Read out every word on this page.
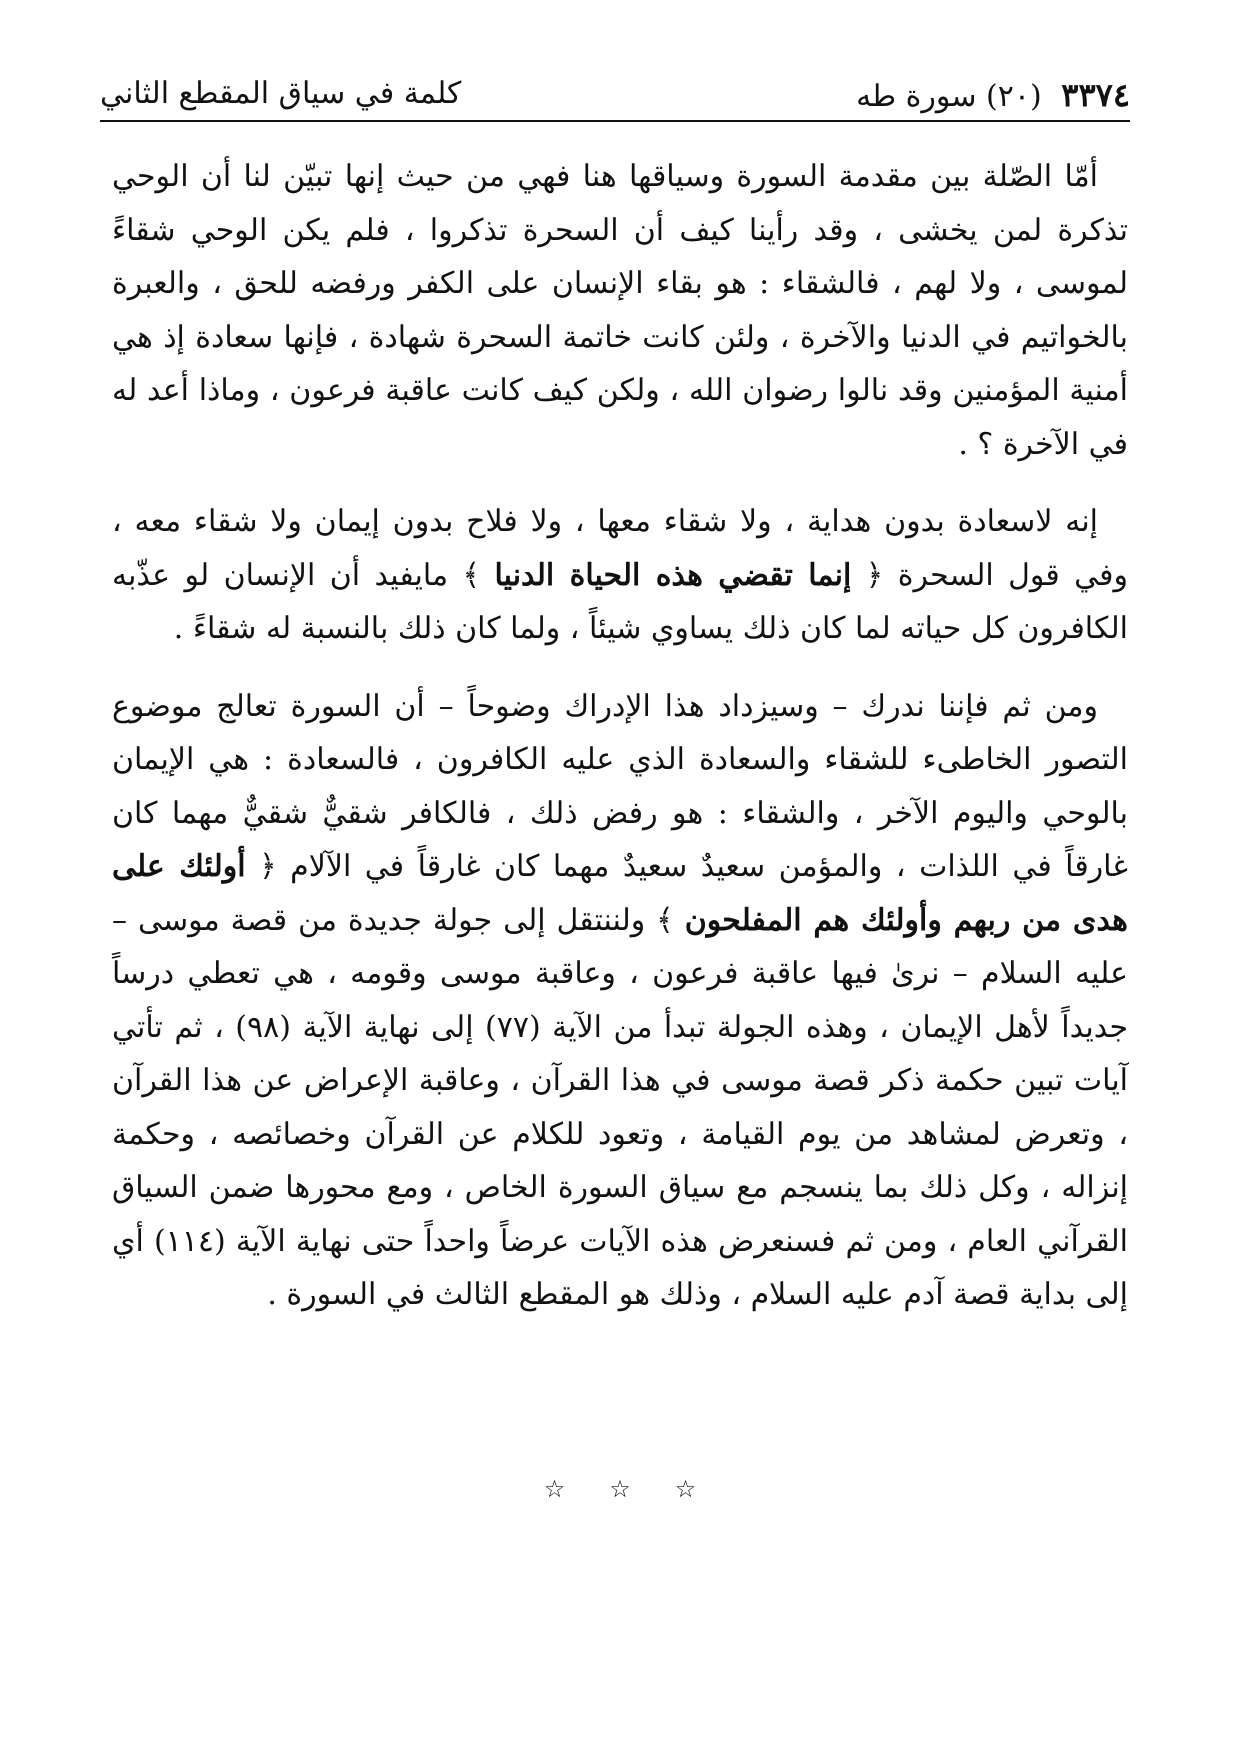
٣٣٧٤ (٢٠) سورة طه
كلمة في سياق المقطع الثاني

أمّا الصّلة بين مقدمة السورة وسياقها هنا فهي من حيث إنها تبيّن لنا أن الوحي تذكرة لمن يخشى ، وقد رأينا كيف أن السحرة تذكروا ، فلم يكن الوحي شقاءً لموسى ، ولا لهم ، فالشقاء : هو بقاء الإنسان على الكفر ورفضه للحق ، والعبرة بالخواتيم في الدنيا والآخرة ، ولئن كانت خاتمة السحرة شهادة ، فإنها سعادة إذ هي أمنية المؤمنين وقد نالوا رضوان الله ، ولكن كيف كانت عاقبة فرعون ، وماذا أعد له في الآخرة ؟ .

إنه لاسعادة بدون هداية ، ولا شقاء معها ، ولا فلاح بدون إيمان ولا شقاء معه ، وفي قول السحرة ﴿ إنما تقضي هذه الحياة الدنيا ﴾ مايفيد أن الإنسان لو عذّبه الكافرون كل حياته لما كان ذلك يساوي شيئاً ، ولما كان ذلك بالنسبة له شقاءً .

ومن ثم فإننا ندرك – وسيزداد هذا الإدراك وضوحاً – أن السورة تعالج موضوع التصور الخاطىء للشقاء والسعادة الذي عليه الكافرون ، فالسعادة : هي الإيمان بالوحي واليوم الآخر ، والشقاء : هو رفض ذلك ، فالكافر شقيٌّ شقيٌّ مهما كان غارقاً في اللذات ، والمؤمن سعيدٌ سعيدٌ مهما كان غارقاً في الآلام ﴿ أولئك على هدى من ربهم وأولئك هم المفلحون ﴾ ولننتقل إلى جولة جديدة من قصة موسى – عليه السلام – نرىٰ فيها عاقبة فرعون ، وعاقبة موسى وقومه ، هي تعطي درساً جديداً لأهل الإيمان ، وهذه الجولة تبدأ من الآية (٧٧) إلى نهاية الآية (٩٨) ، ثم تأتي آيات تبين حكمة ذكر قصة موسى في هذا القرآن ، وعاقبة الإعراض عن هذا القرآن ، وتعرض لمشاهد من يوم القيامة ، وتعود للكلام عن القرآن وخصائصه ، وحكمة إنزاله ، وكل ذلك بما ينسجم مع سياق السورة الخاص ، ومع محورها ضمن السياق القرآني العام ، ومن ثم فسنعرض هذه الآيات عرضاً واحداً حتى نهاية الآية (١١٤) أي إلى بداية قصة آدم عليه السلام ، وذلك هو المقطع الثالث في السورة .

☆☆☆
